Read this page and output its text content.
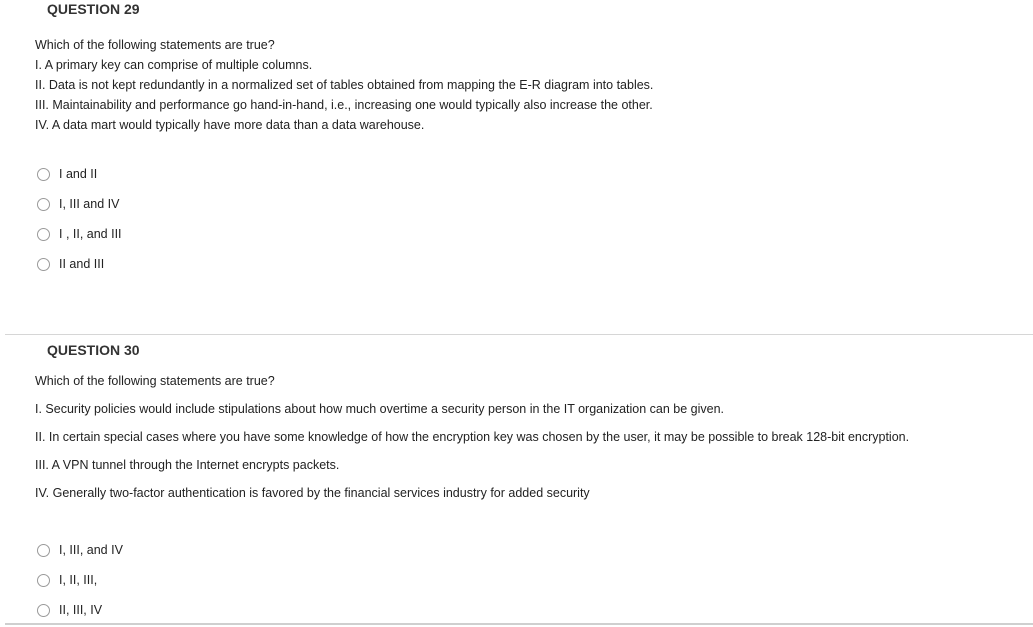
QUESTION 29
Which of the following statements are true?
I. A primary key can comprise of multiple columns.
II. Data is not kept redundantly in a normalized set of tables obtained from mapping the E-R diagram into tables.
III. Maintainability and performance go hand-in-hand, i.e., increasing one would typically also increase the other.
IV. A data mart would typically have more data than a data warehouse.
I and II
I, III and IV
I , II, and III
II and III
QUESTION 30
Which of the following statements are true?
I. Security policies would include stipulations about how much overtime a security person in the IT organization can be given.
II. In certain special cases where you have some knowledge of how the encryption key was chosen by the user, it may be possible to break 128-bit encryption.
III. A VPN tunnel through the Internet encrypts packets.
IV. Generally two-factor authentication is favored by the financial services industry for added security
I, III, and IV
I, II, III,
II, III, IV
